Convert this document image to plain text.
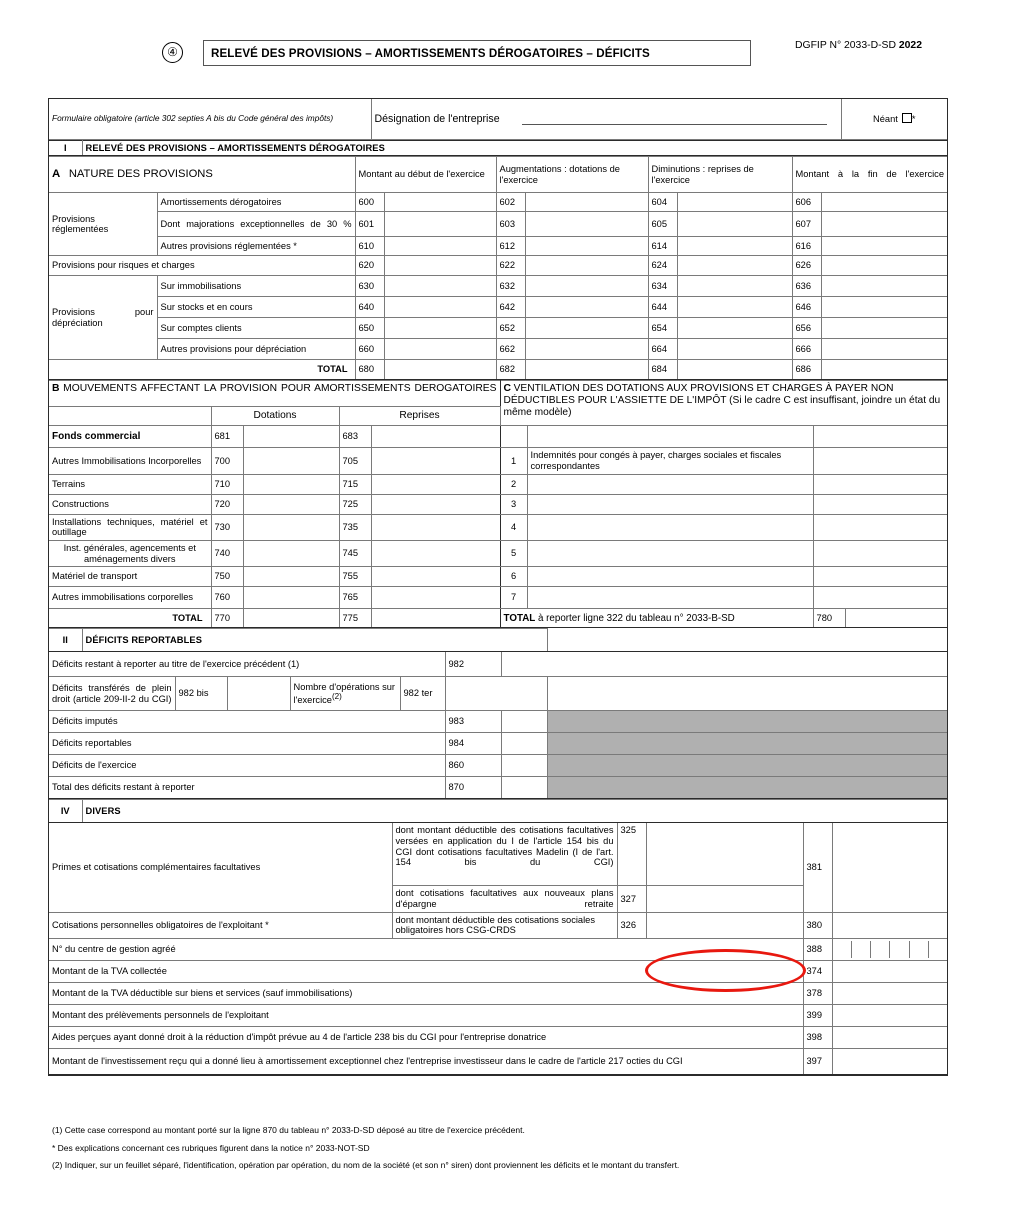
④	RELEVÉ DES PROVISIONS – AMORTISSEMENTS DÉROGATOIRES – DÉFICITS
DGFIP N° 2033-D-SD 2022
Formulaire obligatoire (article 302 septies A bis du Code général des impôts)	Désignation de l'entreprise	Néant *
I	RELEVÉ DES PROVISIONS – AMORTISSEMENTS DÉROGATOIRES
A NATURE DES PROVISIONS		Montant au début de l'exercice		Augmentations : dotations de l'exercice		Diminutions : reprises de l'exercice		Montant à la fin de l'exercice	
Provisions réglementées	Amortissements dérogatoires	600		602		604		606	
	Dont majorations exceptionnelles de 30 %	601		603		605		607	
	Autres provisions réglementées *	610		612		614		616	
Provisions pour risques et charges		620		622		624		626	
Provisions pour dépréciation	Sur immobilisations	630		632		634		636	
	Sur stocks et en cours	640		642		644		646	
	Sur comptes clients	650		652		654		656	
	Autres provisions pour dépréciation	660		662		664		666	
TOTAL		680		682		684		686	
B MOUVEMENTS AFFECTANT LA PROVISION POUR AMORTISSEMENTS DEROGATOIRES					C VENTILATION DES DOTATIONS AUX PROVISIONS ET CHARGES À PAYER NON DÉDUCTIBLES POUR L'ASSIETTE DE L'IMPÔT (Si le cadre C est insuffisant, joindre un état du même modèle)			
	Dotations		Reprises					
Fonds commercial	681		683					
Autres Immobilisations Incorporelles	700		705		1	Indemnités pour congés à payer, charges sociales et fiscales correspondantes		
Terrains	710		715		2			
Constructions	720		725		3			
Installations techniques, matériel et outillage	730		735		4			
Inst. générales, agencements et aménagements divers	740		745		5			
Matériel de transport	750		755		6			
Autres immobilisations corporelles	760		765		7			
TOTAL	770		775		TOTAL à reporter ligne 322 du tableau n° 2033-B-SD		780	
II	DÉFICITS REPORTABLES							
Déficits restant à reporter au titre de l'exercice précédent (1)						982		
Déficits transférés de plein droit (article 209-II-2 du CGI)		982 bis		Nombre d'opérations sur l'exercice$^{(2)}$	982 ter			
Déficits imputés						983		
Déficits reportables						984		
Déficits de l'exercice						860		
Total des déficits restant à reporter						870		
IV	DIVERS					
Primes et cotisations complémentaires facultatives		dont montant déductible des cotisations facultatives versées en application du I de l'article 154 bis du CGI dont cotisations facultatives Madelin (I de l'art. 154 bis du CGI)	325		381	
		dont cotisations facultatives aux nouveaux plans d'épargne retraite	327			
Cotisations personnelles obligatoires de l'exploitant *		dont montant déductible des cotisations sociales obligatoires hors CSG-CRDS	326		380	
N° du centre de gestion agréé					388	

Montant de la TVA collectée					374	
Montant de la TVA déductible sur biens et services (sauf immobilisations)					378	
Montant des prélèvements personnels de l'exploitant					399	
Aides perçues ayant donné droit à la réduction d'impôt prévue au 4 de l'article 238 bis du CGI pour l'entreprise donatrice					398	
Montant de l'investissement reçu qui a donné lieu à amortissement exceptionnel chez l'entreprise investisseur dans le cadre de l'article 217 octies du CGI					397	

(1) Cette case correspond au montant porté sur la ligne 870 du tableau n° 2033-D-SD déposé au titre de l'exercice précédent.

* Des explications concernant ces rubriques figurent dans la notice n° 2033-NOT-SD

(2) Indiquer, sur un feuillet séparé, l'identification, opération par opération, du nom de la société (et son n° siren) dont proviennent les déficits et le montant du transfert.
